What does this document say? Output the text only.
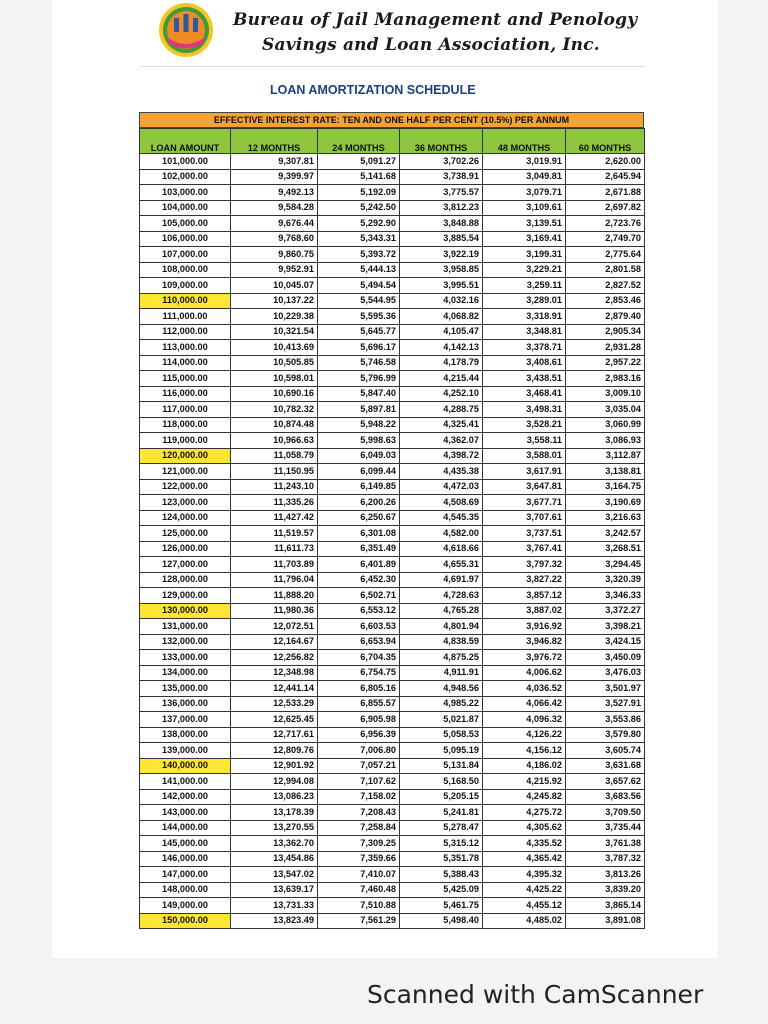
Bureau of Jail Management and Penology
Savings and Loan Association, Inc.
LOAN AMORTIZATION SCHEDULE
EFFECTIVE INTEREST RATE: TEN AND ONE HALF PER CENT (10.5%) PER ANNUM
LOAN AMOUNT	12 MONTHS	24 MONTHS	36 MONTHS	48 MONTHS	60 MONTHS
101,000.00	9,307.81	5,091.27	3,702.26	3,019.91	2,620.00
102,000.00	9,399.97	5,141.68	3,738.91	3,049.81	2,645.94
103,000.00	9,492.13	5,192.09	3,775.57	3,079.71	2,671.88
104,000.00	9,584.28	5,242.50	3,812.23	3,109.61	2,697.82
105,000.00	9,676.44	5,292.90	3,848.88	3,139.51	2,723.76
106,000.00	9,768.60	5,343.31	3,885.54	3,169.41	2,749.70
107,000.00	9,860.75	5,393.72	3,922.19	3,199.31	2,775.64
108,000.00	9,952.91	5,444.13	3,958.85	3,229.21	2,801.58
109,000.00	10,045.07	5,494.54	3,995.51	3,259.11	2,827.52
110,000.00	10,137.22	5,544.95	4,032.16	3,289.01	2,853.46
111,000.00	10,229.38	5,595.36	4,068.82	3,318.91	2,879.40
112,000.00	10,321.54	5,645.77	4,105.47	3,348.81	2,905.34
113,000.00	10,413.69	5,696.17	4,142.13	3,378.71	2,931.28
114,000.00	10,505.85	5,746.58	4,178.79	3,408.61	2,957.22
115,000.00	10,598.01	5,796.99	4,215.44	3,438.51	2,983.16
116,000.00	10,690.16	5,847.40	4,252.10	3,468.41	3,009.10
117,000.00	10,782.32	5,897.81	4,288.75	3,498.31	3,035.04
118,000.00	10,874.48	5,948.22	4,325.41	3,528.21	3,060.99
119,000.00	10,966.63	5,998.63	4,362.07	3,558.11	3,086.93
120,000.00	11,058.79	6,049.03	4,398.72	3,588.01	3,112.87
121,000.00	11,150.95	6,099.44	4,435.38	3,617.91	3,138.81
122,000.00	11,243.10	6,149.85	4,472.03	3,647.81	3,164.75
123,000.00	11,335.26	6,200.26	4,508.69	3,677.71	3,190.69
124,000.00	11,427.42	6,250.67	4,545.35	3,707.61	3,216.63
125,000.00	11,519.57	6,301.08	4,582.00	3,737.51	3,242.57
126,000.00	11,611.73	6,351.49	4,618.66	3,767.41	3,268.51
127,000.00	11,703.89	6,401.89	4,655.31	3,797.32	3,294.45
128,000.00	11,796.04	6,452.30	4,691.97	3,827.22	3,320.39
129,000.00	11,888.20	6,502.71	4,728.63	3,857.12	3,346.33
130,000.00	11,980.36	6,553.12	4,765.28	3,887.02	3,372.27
131,000.00	12,072.51	6,603.53	4,801.94	3,916.92	3,398.21
132,000.00	12,164.67	6,653.94	4,838.59	3,946.82	3,424.15
133,000.00	12,256.82	6,704.35	4,875.25	3,976.72	3,450.09
134,000.00	12,348.98	6,754.75	4,911.91	4,006.62	3,476.03
135,000.00	12,441.14	6,805.16	4,948.56	4,036.52	3,501.97
136,000.00	12,533.29	6,855.57	4,985.22	4,066.42	3,527.91
137,000.00	12,625.45	6,905.98	5,021.87	4,096.32	3,553.86
138,000.00	12,717.61	6,956.39	5,058.53	4,126.22	3,579.80
139,000.00	12,809.76	7,006.80	5,095.19	4,156.12	3,605.74
140,000.00	12,901.92	7,057.21	5,131.84	4,186.02	3,631.68
141,000.00	12,994.08	7,107.62	5,168.50	4,215.92	3,657.62
142,000.00	13,086.23	7,158.02	5,205.15	4,245.82	3,683.56
143,000.00	13,178.39	7,208.43	5,241.81	4,275.72	3,709.50
144,000.00	13,270.55	7,258.84	5,278.47	4,305.62	3,735.44
145,000.00	13,362.70	7,309.25	5,315.12	4,335.52	3,761.38
146,000.00	13,454.86	7,359.66	5,351.78	4,365.42	3,787.32
147,000.00	13,547.02	7,410.07	5,388.43	4,395.32	3,813.26
148,000.00	13,639.17	7,460.48	5,425.09	4,425.22	3,839.20
149,000.00	13,731.33	7,510.88	5,461.75	4,455.12	3,865.14
150,000.00	13,823.49	7,561.29	5,498.40	4,485.02	3,891.08
Scanned with CamScanner
